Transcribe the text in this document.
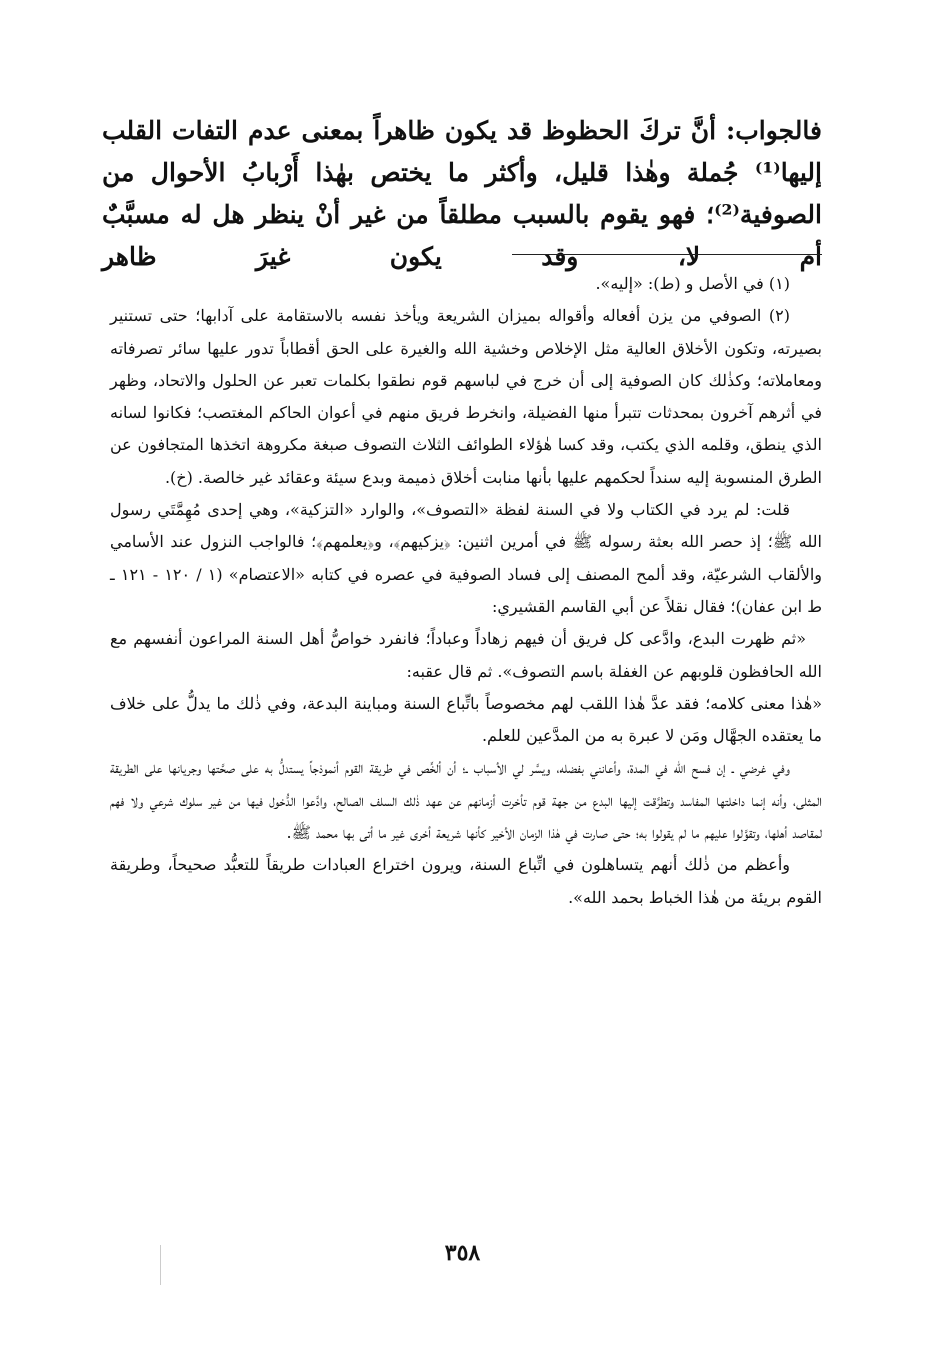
فالجواب: أنَّ تركَ الحظوظ قد يكون ظاهراً بمعنى عدم التفات القلب إليها⁽¹⁾ جُملة وهٰذا قليل، وأكثر ما يختص بهٰذا أَرْبابُ الأحوال من الصوفية⁽²⁾؛ فهو يقوم بالسبب مطلقاً من غير أنْ ينظر هل له مسبَّبٌ أم لا، وقد يكون غيرَ ظاهر

(١) في الأصل و (ط): «إليه».

(٢) الصوفي من يزن أفعاله وأقواله بميزان الشريعة ويأخذ نفسه بالاستقامة على آدابها؛ حتى تستنير بصيرته، وتكون الأخلاق العالية مثل الإخلاص وخشية الله والغيرة على الحق أقطاباً تدور عليها سائر تصرفاته ومعاملاته؛ وكذٰلك كان الصوفية إلى أن خرج في لباسهم قوم نطقوا بكلمات تعبر عن الحلول والاتحاد، وظهر في أثرهم آخرون بمحدثات تتبرأ منها الفضيلة، وانخرط فريق منهم في أعوان الحاكم المغتصب؛ فكانوا لسانه الذي ينطق، وقلمه الذي يكتب، وقد كسا هٰؤلاء الطوائف الثلاث التصوف صبغة مكروهة اتخذها المتجافون عن الطرق المنسوبة إليه سنداً لحكمهم عليها بأنها منابت أخلاق ذميمة وبدع سيئة وعقائد غير خالصة. (خ).

قلت: لم يرد في الكتاب ولا في السنة لفظة «التصوف»، والوارد «التزكية»، وهي إحدى مُهِمَّتَي رسول الله ﷺ؛ إذ حصر الله بعثة رسوله ﷺ في أمرين اثنين: ﴿يزكيهم﴾، و﴿يعلمهم﴾؛ فالواجب النزول عند الأسامي والألقاب الشرعيّة، وقد ألمح المصنف إلى فساد الصوفية في عصره في كتابه «الاعتصام» (١ / ١٢٠ - ١٢١ ـ ط ابن عفان)؛ فقال نقلاً عن أبي القاسم القشيري:

«ثم ظهرت البدع، وادَّعى كل فريق أن فيهم زهاداً وعباداً؛ فانفرد خواصُّ أهل السنة المراعون أنفسهم مع الله الحافظون قلوبهم عن الغفلة باسم التصوف». ثم قال عقبه:

«هٰذا معنى كلامه؛ فقد عدَّ هٰذا اللقب لهم مخصوصاً باتِّباع السنة ومباينة البدعة، وفي ذٰلك ما يدلُّ على خلاف ما يعتقده الجهَّال ومَن لا عبرة به من المدَّعين للعلم.

وفي غرضي ـ إن فسح الله في المدة، وأعانني بفضله، ويسَّر لي الأسباب ـ؛ أن ألخِّص في طريقة القوم أنموذجاً يستدلُّ به على صحَّتها وجريانها على الطريقة المثلى، وأنه إنما داخلتها المفاسد وتطرَّقت إليها البدع من جهة قوم تأخرت أزمانهم عن عهد ذٰلك السلف الصالح، وادَّعوا الدُّخول فيها من غير سلوك شرعي ولا فهم لمقاصد أهلها، وتقوَّلوا عليهم ما لم يقولوا به؛ حتى صارت في هٰذا الزمان الأخير كأنها شريعة أخرى غير ما أتى بها محمد ﷺ.

وأعظم من ذٰلك أنهم يتساهلون في اتِّباع السنة، ويرون اختراع العبادات طريقاً للتعبُّد صحيحاً، وطريقة القوم بريئة من هٰذا الخباط بحمد الله».

٣٥٨
